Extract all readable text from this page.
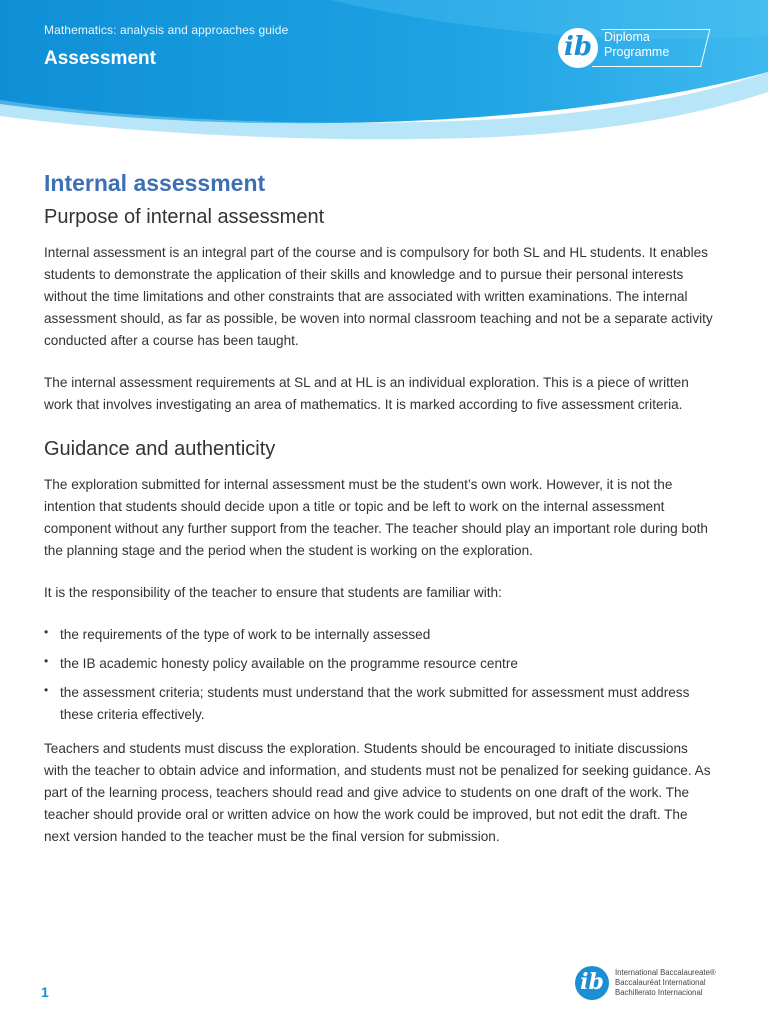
Mathematics: analysis and approaches guide
Assessment	ib Diploma
Programme
Internal assessment
Purpose of internal assessment

Internal assessment is an integral part of the course and is compulsory for both SL and HL students. It enables students to demonstrate the application of their skills and knowledge and to pursue their personal interests without the time limitations and other constraints that are associated with written examinations. The internal assessment should, as far as possible, be woven into normal classroom teaching and not be a separate activity conducted after a course has been taught.

The internal assessment requirements at SL and at HL is an individual exploration. This is a piece of written work that involves investigating an area of mathematics. It is marked according to five assessment criteria.

Guidance and authenticity

The exploration submitted for internal assessment must be the student’s own work. However, it is not the intention that students should decide upon a title or topic and be left to work on the internal assessment component without any further support from the teacher. The teacher should play an important role during both the planning stage and the period when the student is working on the exploration.

It is the responsibility of the teacher to ensure that students are familiar with:

• the requirements of the type of work to be internally assessed
• the IB academic honesty policy available on the programme resource centre
• the assessment criteria; students must understand that the work submitted for assessment must address these criteria effectively.

Teachers and students must discuss the exploration. Students should be encouraged to initiate discussions with the teacher to obtain advice and information, and students must not be penalized for seeking guidance. As part of the learning process, teachers should read and give advice to students on one draft of the work. The teacher should provide oral or written advice on how the work could be improved, but not edit the draft. The next version handed to the teacher must be the final version for submission.

1	ib	International Baccalaureate®
Baccalauréat International
Bachillerato Internacional
